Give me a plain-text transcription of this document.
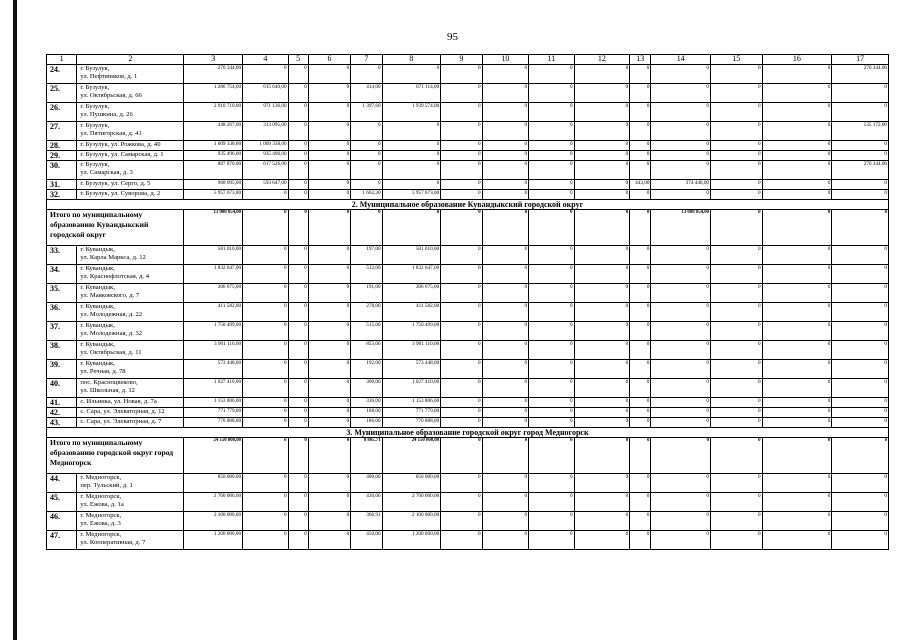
95
1	2	3	4	5	6	7	8	9	10	11	12	13	14	15	16	17
24.	г. Бузулук,
ул. Нефтяников, д. 1	270 344,00	0	0	0	0	0	0	0	0	0	0	0	0	0	270 344,00
25.	г. Бузулук,
ул. Октябрьская, д. 66	1 286 754,00	615 640,00	0	0	414,00	671 114,00	0	0	0	0	0	0	0	0	0
26.	г. Бузулук,
ул. Пушкина, д. 26	2 910 710,00	971 136,00	0	0	1 397,60	1 939 574,00	0	0	0	0	0	0	0	0	0
27.	г. Бузулук,
ул. Пятигорская, д. 41	448 267,00	313 095,00	0	0	0	0	0	0	0	0	0	0	0	0	135 172,00
28.	г. Бузулук, ул. Рожкова, д. 40	1 009 338,00	1 009 338,00	0	0	0	0	0	0	0	0	0	0	0	0	0
29.	г. Бузулук, ул. Самарская, д. 1	935 496,00	935 496,00	0	0	0	0	0	0	0	0	0	0	0	0	0
30.	г. Бузулук,
ул. Самарская, д. 3	887 870,00	617 526,00	0	0	0	0	0	0	0	0	0	0	0	0	270 344,00
31.	г. Бузулук, ул. Серго, д. 5	968 095,00	593 647,00	0	0	0	0	0	0	0	0	443,00	374 448,00	0	0	0
32.	г. Бузулук, ул. Суворова, д. 2	5 957 673,00	0	0	0	1 662,30	5 957 673,00	0	0	0	0	0	0	0	0	0
2. Муниципальное образование Кувандыкский городской округ																
Итого по муниципальному образованию Кувандыкский городской округ		13 080 854,00	0	0	0	0	0	0	0	0	0	0	13 080 854,00	0	0	0
33.	г. Кувандык,
ул. Карла Маркса, д. 12	581 010,00	0	0	0	197,00	581 010,00	0	0	0	0	0	0	0	0	0
34.	г. Кувандык,
ул. Краснофлотская, д. 4	1 832 647,00	0	0	0	512,00	1 832 647,00	0	0	0	0	0	0	0	0	0
35.	г. Кувандык,
ул. Маяковского, д. 7	306 675,00	0	0	0	191,00	306 675,00	0	0	0	0	0	0	0	0	0
36.	г. Кувандык,
ул. Молодежная, д. 22	411 582,00	0	0	0	278,00	411 582,00	0	0	0	0	0	0	0	0	0
37.	г. Кувандык,
ул. Молодежная, д. 32	1 750 499,00	0	0	0	515,00	1 750 499,00	0	0	0	0	0	0	0	0	0
38.	г. Кувандык,
ул. Октябрьская, д. 11	3 901 110,00	0	0	0	853,00	3 901 110,00	0	0	0	0	0	0	0	0	0
39.	г. Кувандык,
ул. Речная, д. 78	573 448,00	0	0	0	192,00	573 448,00	0	0	0	0	0	0	0	0	0
40.	пос. Красноцвеково,
ул. Школьная, д. 12	1 027 410,00	0	0	0	300,00	1 027 410,00	0	0	0	0	0	0	0	0	0
41.	с. Ильинка, ул. Новая, д. 7а	1 153 806,00	0	0	0	336,00	1 153 806,00	0	0	0	0	0	0	0	0	0
42.	с. Сара, ул. Элеваторная, д. 12	771 779,00	0	0	0	188,00	771 779,00	0	0	0	0	0	0	0	0	0
43.	с. Сара, ул. Элеваторная, д. 7	770 888,00	0	0	0	186,00	770 888,00	0	0	0	0	0	0	0	0	0
3. Муниципальное образование городской округ город Медногорск																
Итого по муниципальному образованию городской округ город Медногорск		24 150 000,00	0	0	0	8 805,71	24 150 000,00	0	0	0	0	0	0	0	0	0
44.	г. Медногорск,
пер. Тульский, д. 1	850 000,00	0	0	0	400,00	850 000,00	0	0	0	0	0	0	0	0	0
45.	г. Медногорск,
ул. Ежова, д. 1а	2 700 000,00	0	0	0	430,00	2 700 000,00	0	0	0	0	0	0	0	0	0
46.	г. Медногорск,
ул. Ежова, д. 3	2 100 000,00	0	0	0	366,91	2 100 000,00	0	0	0	0	0	0	0	0	0
47.	г. Медногорск,
ул. Кооперативная, д. 7	1 200 000,00	0	0	0	450,00	1 200 000,00	0	0	0	0	0	0	0	0	0
